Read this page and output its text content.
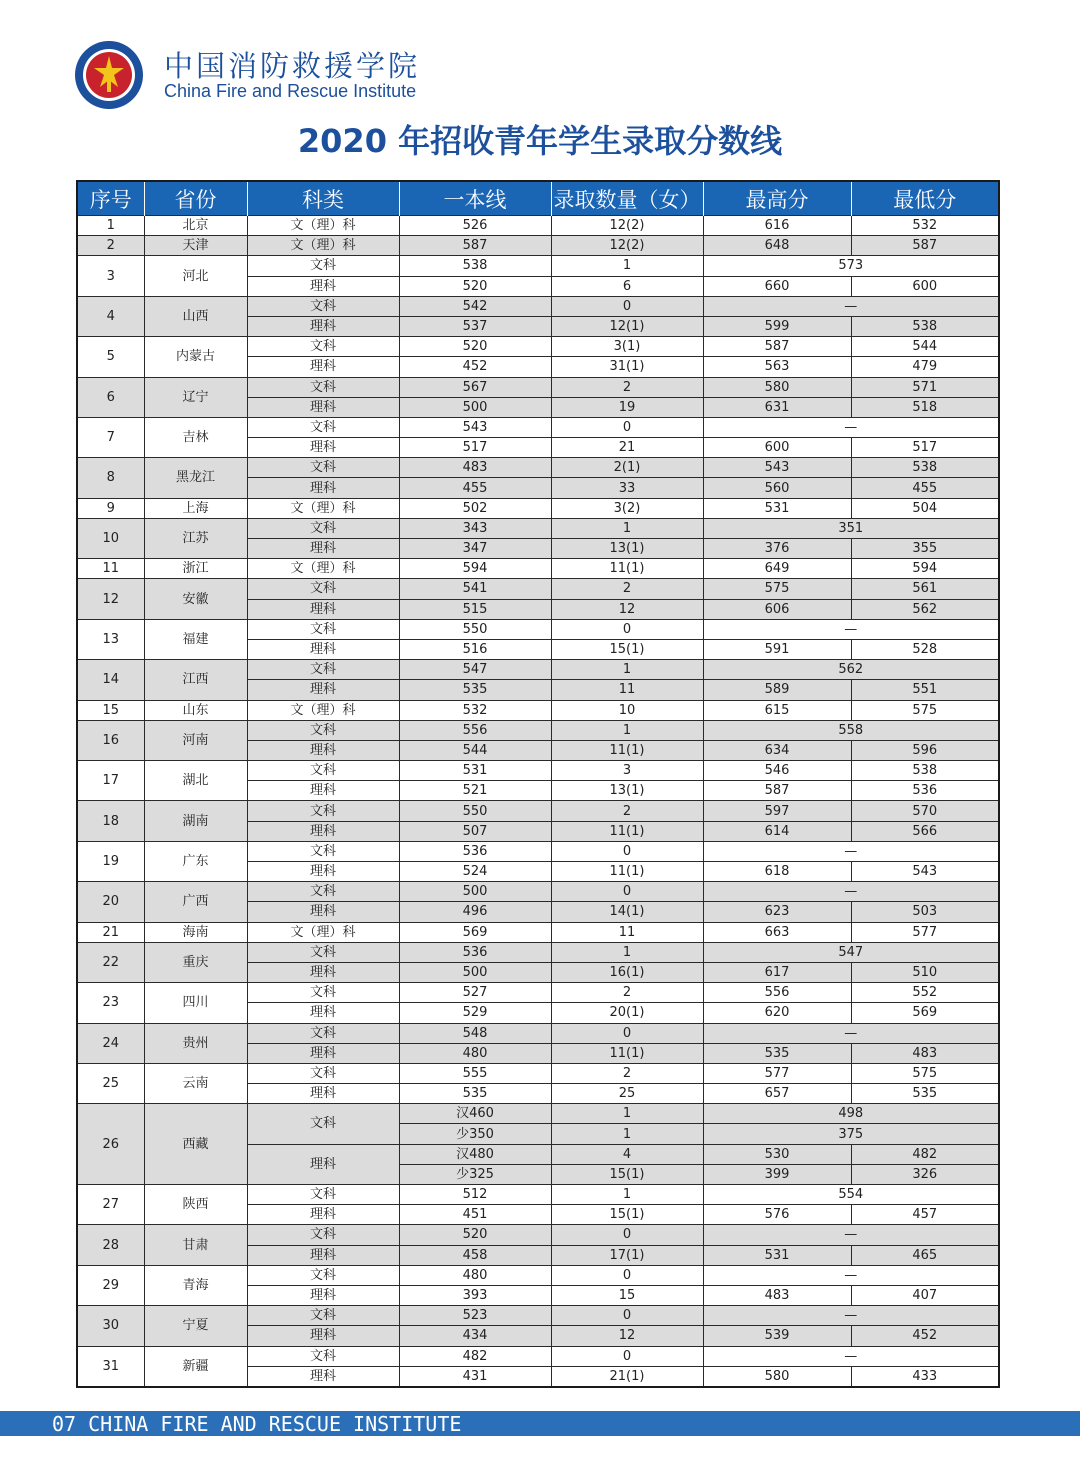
中国消防救援学院
China Fire and Rescue Institute
2020 年招收青年学生录取分数线
序号	省份	科类	一本线	录取数量（女）	最高分	最低分
1	北京	文（理）科	526	12(2)	616	532
2	天津	文（理）科	587	12(2)	648	587
3	河北	文科	538	1	573	
		理科	520	6	660	600
4	山西	文科	542	0	—	
		理科	537	12(1)	599	538
5	内蒙古	文科	520	3(1)	587	544
		理科	452	31(1)	563	479
6	辽宁	文科	567	2	580	571
		理科	500	19	631	518
7	吉林	文科	543	0	—	
		理科	517	21	600	517
8	黑龙江	文科	483	2(1)	543	538
		理科	455	33	560	455
9	上海	文（理）科	502	3(2)	531	504
10	江苏	文科	343	1	351	
		理科	347	13(1)	376	355
11	浙江	文（理）科	594	11(1)	649	594
12	安徽	文科	541	2	575	561
		理科	515	12	606	562
13	福建	文科	550	0	—	
		理科	516	15(1)	591	528
14	江西	文科	547	1	562	
		理科	535	11	589	551
15	山东	文（理）科	532	10	615	575
16	河南	文科	556	1	558	
		理科	544	11(1)	634	596
17	湖北	文科	531	3	546	538
		理科	521	13(1)	587	536
18	湖南	文科	550	2	597	570
		理科	507	11(1)	614	566
19	广东	文科	536	0	—	
		理科	524	11(1)	618	543
20	广西	文科	500	0	—	
		理科	496	14(1)	623	503
21	海南	文（理）科	569	11	663	577
22	重庆	文科	536	1	547	
		理科	500	16(1)	617	510
23	四川	文科	527	2	556	552
		理科	529	20(1)	620	569
24	贵州	文科	548	0	—	
		理科	480	11(1)	535	483
25	云南	文科	555	2	577	575
		理科	535	25	657	535
26	西藏	文科	汉460	1	498	
			少350	1	375	
		理科	汉480	4	530	482
			少325	15(1)	399	326
27	陕西	文科	512	1	554	
		理科	451	15(1)	576	457
28	甘肃	文科	520	0	—	
		理科	458	17(1)	531	465
29	青海	文科	480	0	—	
		理科	393	15	483	407
30	宁夏	文科	523	0	—	
		理科	434	12	539	452
31	新疆	文科	482	0	—	
		理科	431	21(1)	580	433
07 CHINA FIRE AND RESCUE INSTITUTE
